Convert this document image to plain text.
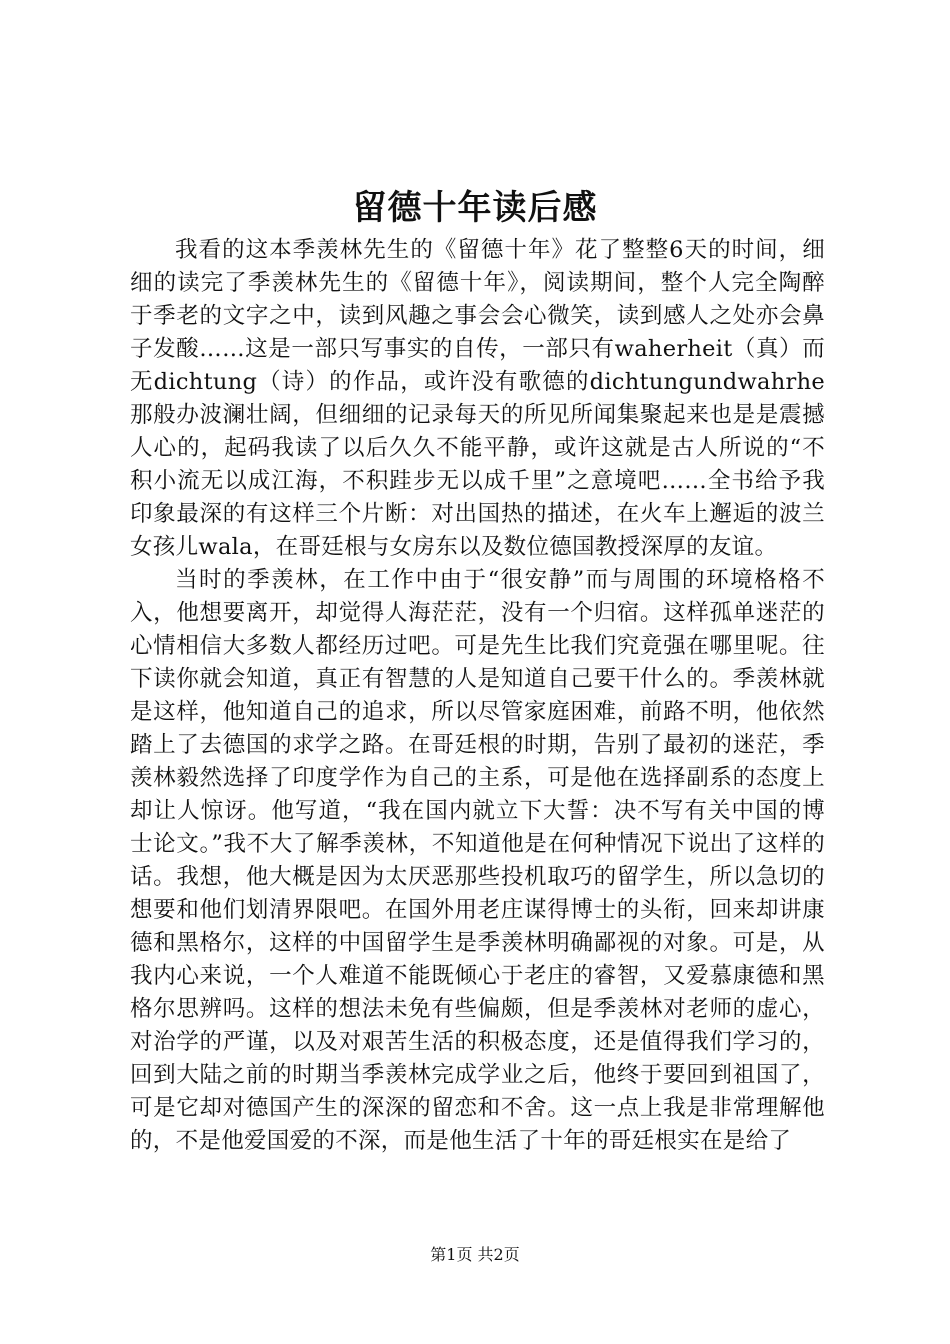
留德十年读后感

我看的这本季羡林先生的《留德十年》花了整整6天的时间，细细的读完了季羡林先生的《留德十年》，阅读期间，整个人完全陶醉于季老的文字之中，读到风趣之事会会心微笑，读到感人之处亦会鼻子发酸……这是一部只写事实的自传，一部只有waherheit（真）而无dichtung（诗）的作品，或许没有歌德的dichtungundwahrhe那般办波澜壮阔，但细细的记录每天的所见所闻集聚起来也是是震撼人心的，起码我读了以后久久不能平静，或许这就是古人所说的“不积小流无以成江海，不积跬步无以成千里”之意境吧……全书给予我印象最深的有这样三个片断：对出国热的描述，在火车上邂逅的波兰女孩儿wala，在哥廷根与女房东以及数位德国教授深厚的友谊。

当时的季羡林，在工作中由于“很安静”而与周围的环境格格不入，他想要离开，却觉得人海茫茫，没有一个归宿。这样孤单迷茫的心情相信大多数人都经历过吧。可是先生比我们究竟强在哪里呢。往下读你就会知道，真正有智慧的人是知道自己要干什么的。季羡林就是这样，他知道自己的追求，所以尽管家庭困难，前路不明，他依然踏上了去德国的求学之路。在哥廷根的时期，告别了最初的迷茫，季羡林毅然选择了印度学作为自己的主系，可是他在选择副系的态度上却让人惊讶。他写道，“我在国内就立下大誓：决不写有关中国的博士论文。”我不大了解季羡林，不知道他是在何种情况下说出了这样的话。我想，他大概是因为太厌恶那些投机取巧的留学生，所以急切的想要和他们划清界限吧。在国外用老庄谋得博士的头衔，回来却讲康德和黑格尔，这样的中国留学生是季羡林明确鄙视的对象。可是，从我内心来说，一个人难道不能既倾心于老庄的睿智，又爱慕康德和黑格尔思辨吗。这样的想法未免有些偏颇，但是季羡林对老师的虚心，对治学的严谨，以及对艰苦生活的积极态度，还是值得我们学习的，回到大陆之前的时期当季羡林完成学业之后，他终于要回到祖国了，可是它却对德国产生的深深的留恋和不舍。这一点上我是非常理解他的，不是他爱国爱的不深，而是他生活了十年的哥廷根实在是给了

第1页 共2页
